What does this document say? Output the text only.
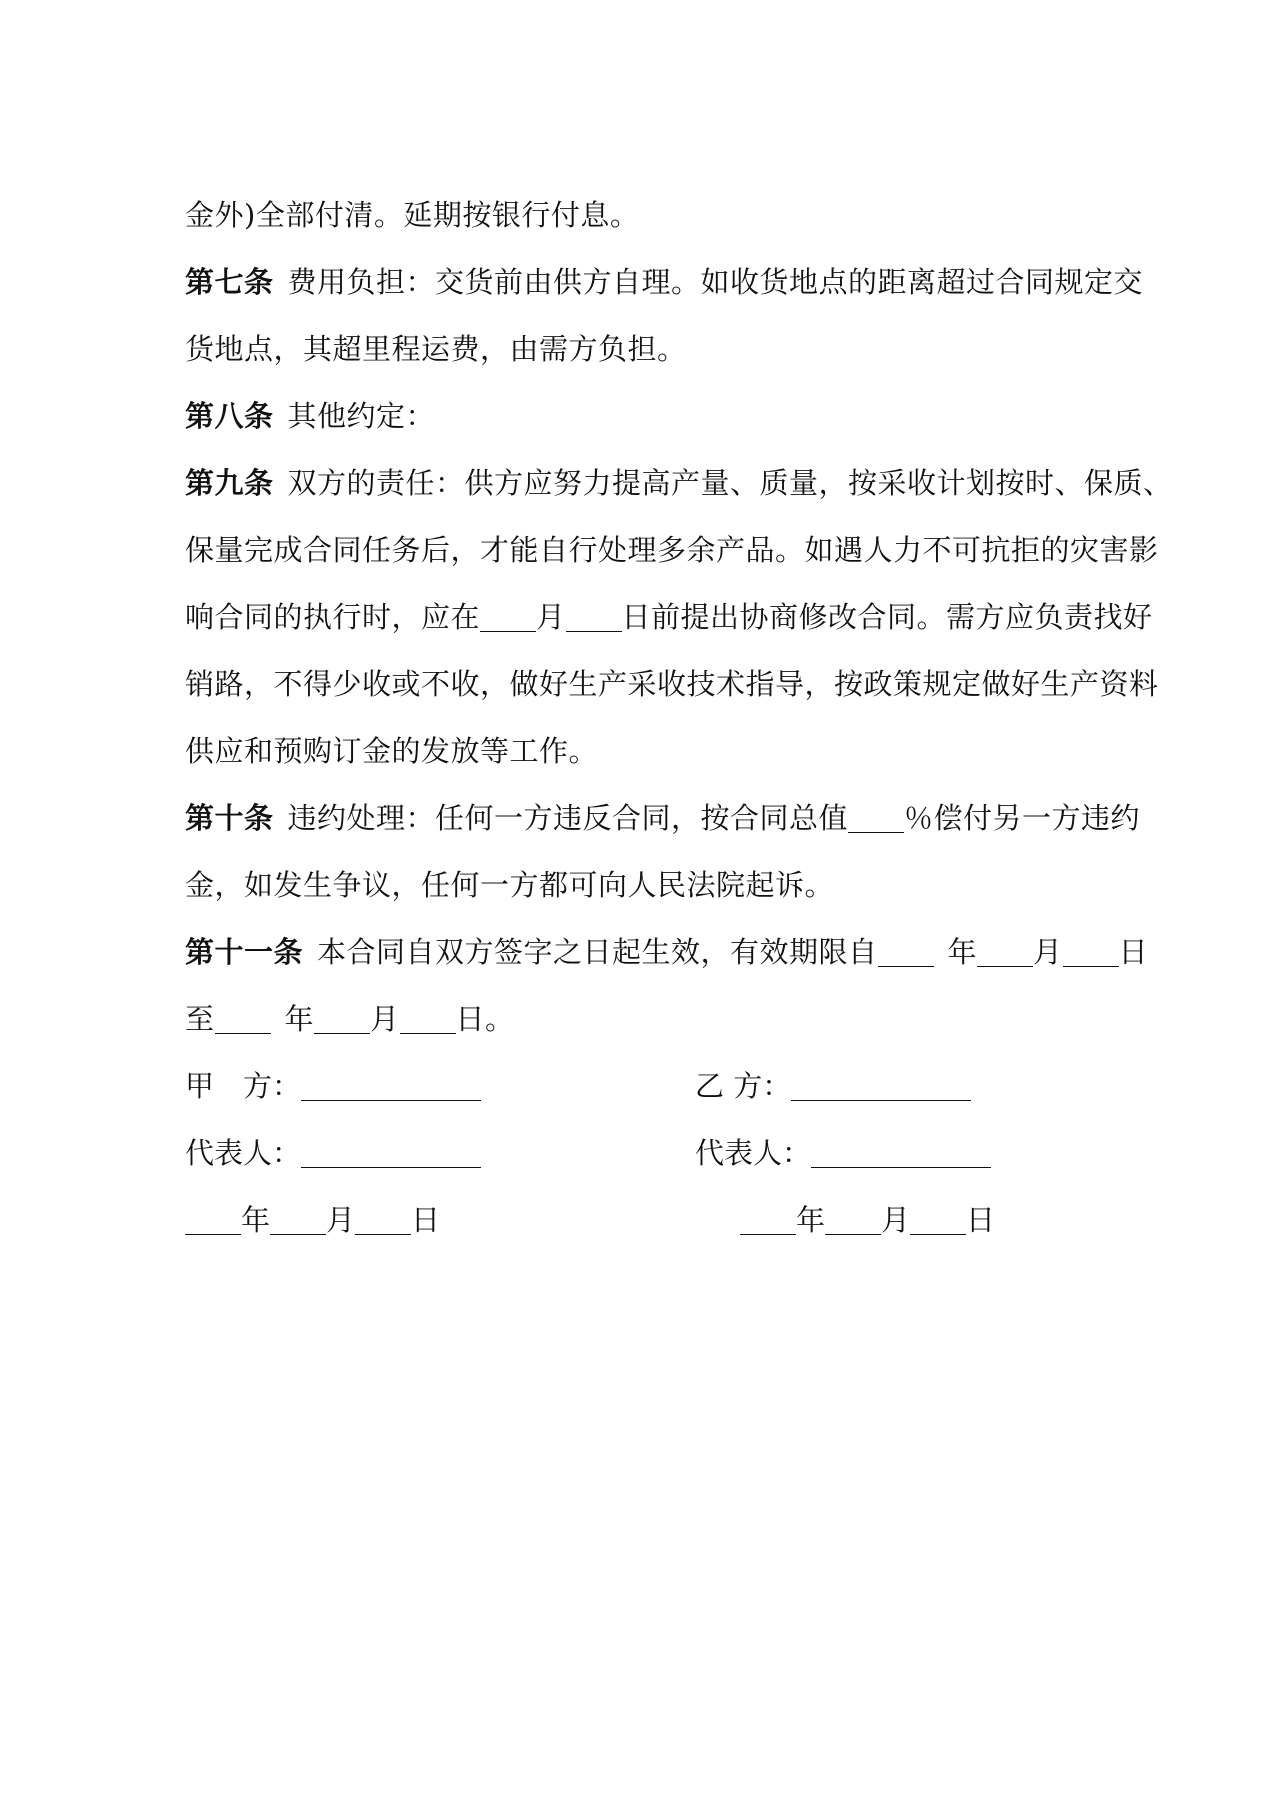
金外)全部付清。延期按银行付息。
第七条 费用负担：交货前由供方自理。如收货地点的距离超过合同规定交
货地点，其超里程运费，由需方负担。
第八条 其他约定：
第九条 双方的责任：供方应努力提高产量、质量，按采收计划按时、保质、
保量完成合同任务后，才能自行处理多余产品。如遇人力不可抗拒的灾害影
响合同的执行时，应在 月 日前提出协商修改合同。需方应负责找好
销路，不得少收或不收，做好生产采收技术指导，按政策规定做好生产资料
供应和预购订金的发放等工作。
第十条 违约处理：任何一方违反合同，按合同总值 ％偿付另一方违约
金，如发生争议，任何一方都可向人民法院起诉。
第十一条 本合同自双方签字之日起生效，有效期限自 年 月 日
至 年 月 日。
甲　方：	乙 方：
代表人：	代表人：
年 月 日	年 月 日
